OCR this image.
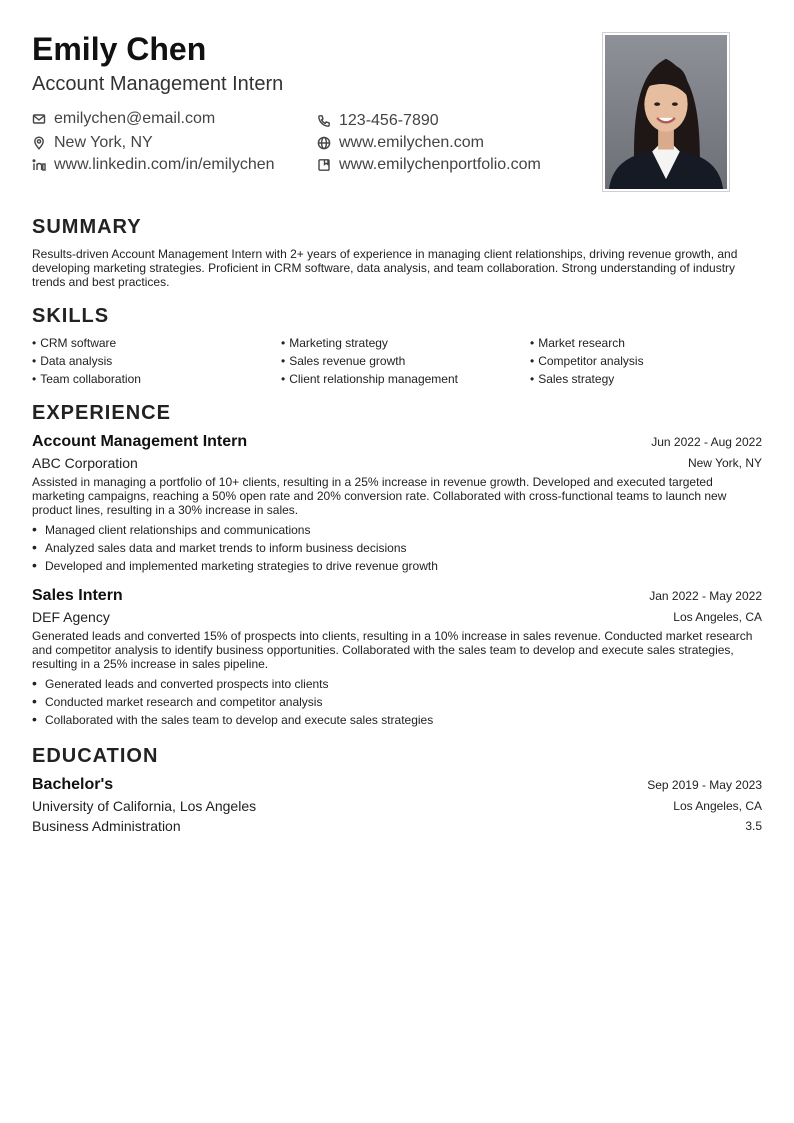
Emily Chen
Account Management Intern
emilychen@email.com	123-456-7890
New York, NY	www.emilychen.com
www.linkedin.com/in/emilychen	www.emilychenportfolio.com
SUMMARY
Results-driven Account Management Intern with 2+ years of experience in managing client relationships, driving revenue growth, and developing marketing strategies. Proficient in CRM software, data analysis, and team collaboration. Strong understanding of industry trends and best practices.
SKILLS
• CRM software	• Marketing strategy	• Market research
• Data analysis	• Sales revenue growth	• Competitor analysis
• Team collaboration	• Client relationship management	• Sales strategy
EXPERIENCE
Account Management Intern	Jun 2022 - Aug 2022
ABC Corporation	New York, NY
Assisted in managing a portfolio of 10+ clients, resulting in a 25% increase in revenue growth. Developed and executed targeted marketing campaigns, reaching a 50% open rate and 20% conversion rate. Collaborated with cross-functional teams to launch new product lines, resulting in a 30% increase in sales.
• Managed client relationships and communications
• Analyzed sales data and market trends to inform business decisions
• Developed and implemented marketing strategies to drive revenue growth
Sales Intern	Jan 2022 - May 2022
DEF Agency	Los Angeles, CA
Generated leads and converted 15% of prospects into clients, resulting in a 10% increase in sales revenue. Conducted market research and competitor analysis to identify business opportunities. Collaborated with the sales team to develop and execute sales strategies, resulting in a 25% increase in sales pipeline.
• Generated leads and converted prospects into clients
• Conducted market research and competitor analysis
• Collaborated with the sales team to develop and execute sales strategies
EDUCATION
Bachelor's	Sep 2019 - May 2023
University of California, Los Angeles	Los Angeles, CA
Business Administration	3.5
